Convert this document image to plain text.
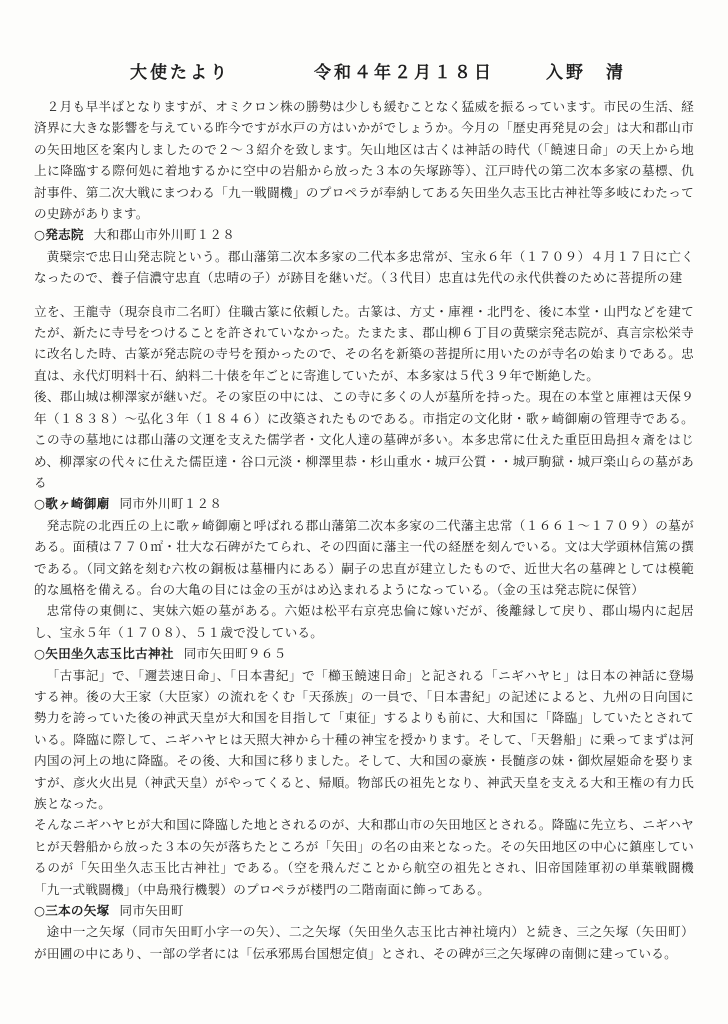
大使たより	令和４年２月１８日	入野　清

２月も早半ばとなりますが、オミクロン株の勝勢は少しも緩むことなく猛威を振るっています。市民の生活、経済界に大きな影響を与えている昨今ですが水戸の方はいかがでしょうか。今月の「歴史再発見の会」は大和郡山市の矢田地区を案内しましたので２～３紹介を致します。矢山地区は古くは神話の時代（「饒速日命」の天上から地上に降臨する際何処に着地するかに空中の岩船から放った３本の矢塚跡等）、江戸時代の第二次本多家の墓標、仇討事件、第二次大戦にまつわる「九一戦闘機」のプロペラが奉納してある矢田坐久志玉比古神社等多岐にわたっての史跡があります。

○発志院 大和郡山市外川町１２８

黄檗宗で忠日山発志院という。郡山藩第二次本多家の二代本多忠常が、宝永６年（１７０９）４月１７日に亡くなったので、養子信濃守忠直（忠晴の子）が跡目を継いだ。（３代目）忠直は先代の永代供養のために菩提所の建

立を、王龍寺（現奈良市二名町）住職古篆に依頼した。古篆は、方丈・庫裡・北門を、後に本堂・山門などを建てたが、新たに寺号をつけることを許されていなかった。たまたま、郡山柳６丁目の黄檗宗発志院が、真言宗松栄寺に改名した時、古篆が発志院の寺号を預かったので、その名を新築の菩提所に用いたのが寺名の始まりである。忠直は、永代灯明料十石、納料二十俵を年ごとに寄進していたが、本多家は５代３９年で断絶した。

後、郡山城は柳澤家が継いだ。その家臣の中には、この寺に多くの人が墓所を持った。現在の本堂と庫裡は天保９年（１８３８）～弘化３年（１８４６）に改築されたものである。市指定の文化財・歌ヶ崎御廟の管理寺である。この寺の墓地には郡山藩の文運を支えた儒学者・文化人達の墓碑が多い。本多忠常に仕えた重臣田島担々斎をはじめ、柳澤家の代々に仕えた儒臣達・谷口元淡・柳澤里恭・杉山重水・城戸公質・・城戸駒獄・城戸楽山らの墓がある

○歌ヶ崎御廟 同市外川町１２８

発志院の北西丘の上に歌ヶ崎御廟と呼ばれる郡山藩第二次本多家の二代藩主忠常（１６６１～１７０９）の墓がある。面積は７７０㎡・壮大な石碑がたてられ、その四面に藩主一代の経歴を刻んでいる。文は大学頭林信篤の撰である。（同文銘を刻む六枚の銅板は墓柵内にある）嗣子の忠直が建立したもので、近世大名の墓碑としては模範的な風格を備える。台の大亀の目には金の玉がはめ込まれるようになっている。（金の玉は発志院に保管）

忠常侍の東側に、実妹六姫の墓がある。六姫は松平右京亮忠倫に嫁いだが、後離縁して戻り、郡山場内に起居し、宝永５年（１７０８）、５１歳で没している。

○矢田坐久志玉比古神社 同市矢田町９６５

「古事記」で、「邇芸速日命」、「日本書紀」で「櫛玉饒速日命」と記される「ニギハヤヒ」は日本の神話に登場する神。後の大王家（大臣家）の流れをくむ「天孫族」の一員で、「日本書紀」の記述によると、九州の日向国に勢力を誇っていた後の神武天皇が大和国を目指して「東征」するよりも前に、大和国に「降臨」していたとされている。降臨に際して、ニギハヤヒは天照大神から十種の神宝を授かります。そして、「天磐船」に乗ってまずは河内国の河上の地に降臨。その後、大和国に移りました。そして、大和国の豪族・長髄彦の妹・御炊屋姫命を娶りますが、彦火火出見（神武天皇）がやってくると、帰順。物部氏の祖先となり、神武天皇を支える大和王権の有力氏族となった。

そんなニギハヤヒが大和国に降臨した地とされるのが、大和郡山市の矢田地区とされる。降臨に先立ち、ニギハヤヒが天磐船から放った３本の矢が落ちたところが「矢田」の名の由来となった。その矢田地区の中心に鎮座しているのが「矢田坐久志玉比古神社」である。（空を飛んだことから航空の祖先とされ、旧帝国陸軍初の単葉戦闘機「九一式戦闘機」（中島飛行機製）のプロペラが楼門の二階南面に飾ってある。

○三本の矢塚 同市矢田町

途中一之矢塚（同市矢田町小字一の矢）、二之矢塚（矢田坐久志玉比古神社境内）と続き、三之矢塚（矢田町）が田圃の中にあり、一部の学者には「伝承邪馬台国想定偵」とされ、その碑が三之矢塚碑の南側に建っている。
